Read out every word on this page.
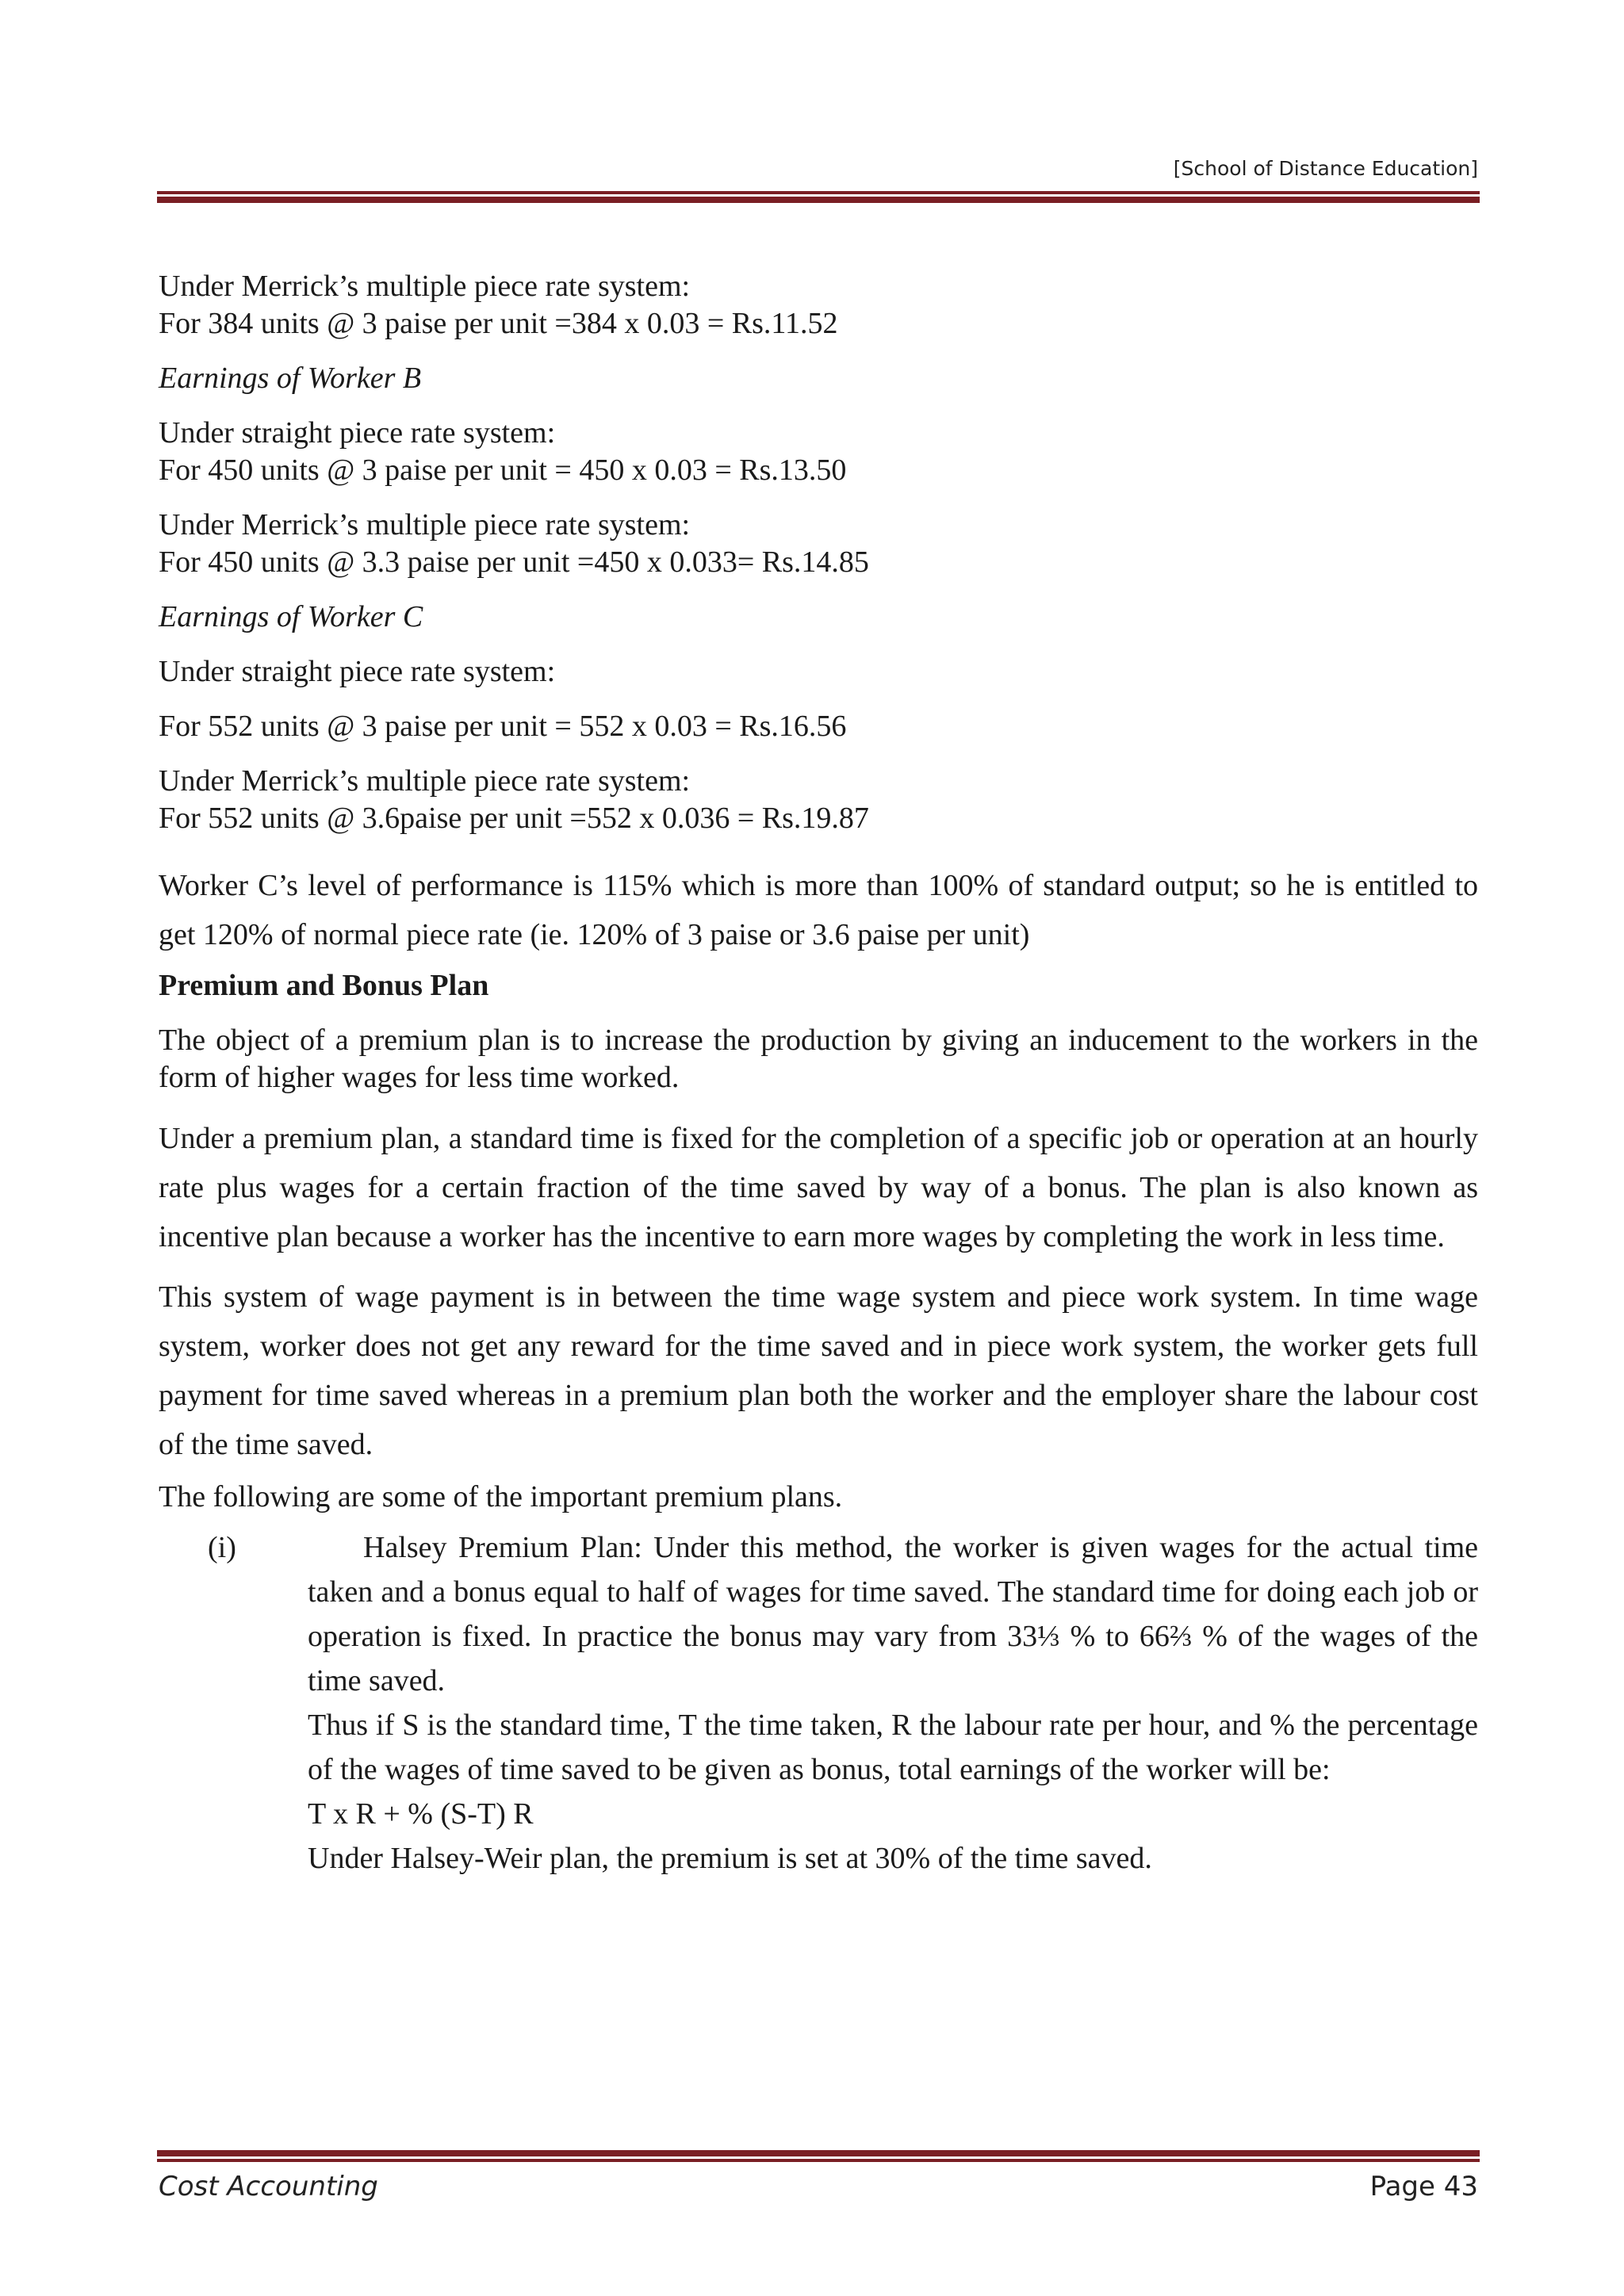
[School of Distance Education]

Under Merrick’s multiple piece rate system:

For 384 units @ 3 paise per unit =384 x 0.03 = Rs.11.52

Earnings of Worker B

Under straight piece rate system:

For 450 units @ 3 paise per unit = 450 x 0.03 = Rs.13.50

Under Merrick’s multiple piece rate system:

For 450 units @ 3.3 paise per unit =450 x 0.033= Rs.14.85

Earnings of Worker C

Under straight piece rate system:

For 552 units @ 3 paise per unit = 552 x 0.03 = Rs.16.56

Under Merrick’s multiple piece rate system:

For 552 units @ 3.6paise per unit =552 x 0.036 = Rs.19.87

Worker C’s level of performance is 115% which is more than 100% of standard output; so he is entitled to get 120% of normal piece rate (ie. 120% of 3 paise or 3.6 paise per unit)

Premium and Bonus Plan

The object of a premium plan is to increase the production by giving an inducement to the workers in the form of higher wages for less time worked.

Under a premium plan, a standard time is fixed for the completion of a specific job or operation at an hourly rate plus wages for a certain fraction of the time saved by way of a bonus. The plan is also known as incentive plan because a worker has the incentive to earn more wages by completing the work in less time.

This system of wage payment is in between the time wage system and piece work system. In time wage system, worker does not get any reward for the time saved and in piece work system, the worker gets full payment for time saved whereas in a premium plan both the worker and the employer share the labour cost of the time saved.

The following are some of the important premium plans.

(i)	Halsey Premium Plan: Under this method, the worker is given wages for the actual time taken and a bonus equal to half of wages for time saved. The standard time for doing each job or operation is fixed. In practice the bonus may vary from 33⅓ % to 66⅔ % of the wages of the time saved.

Thus if S is the standard time, T the time taken, R the labour rate per hour, and % the percentage of the wages of time saved to be given as bonus, total earnings of the worker will be:

T x R + % (S-T) R

Under Halsey-Weir plan, the premium is set at 30% of the time saved.

Cost Accounting	Page 43
